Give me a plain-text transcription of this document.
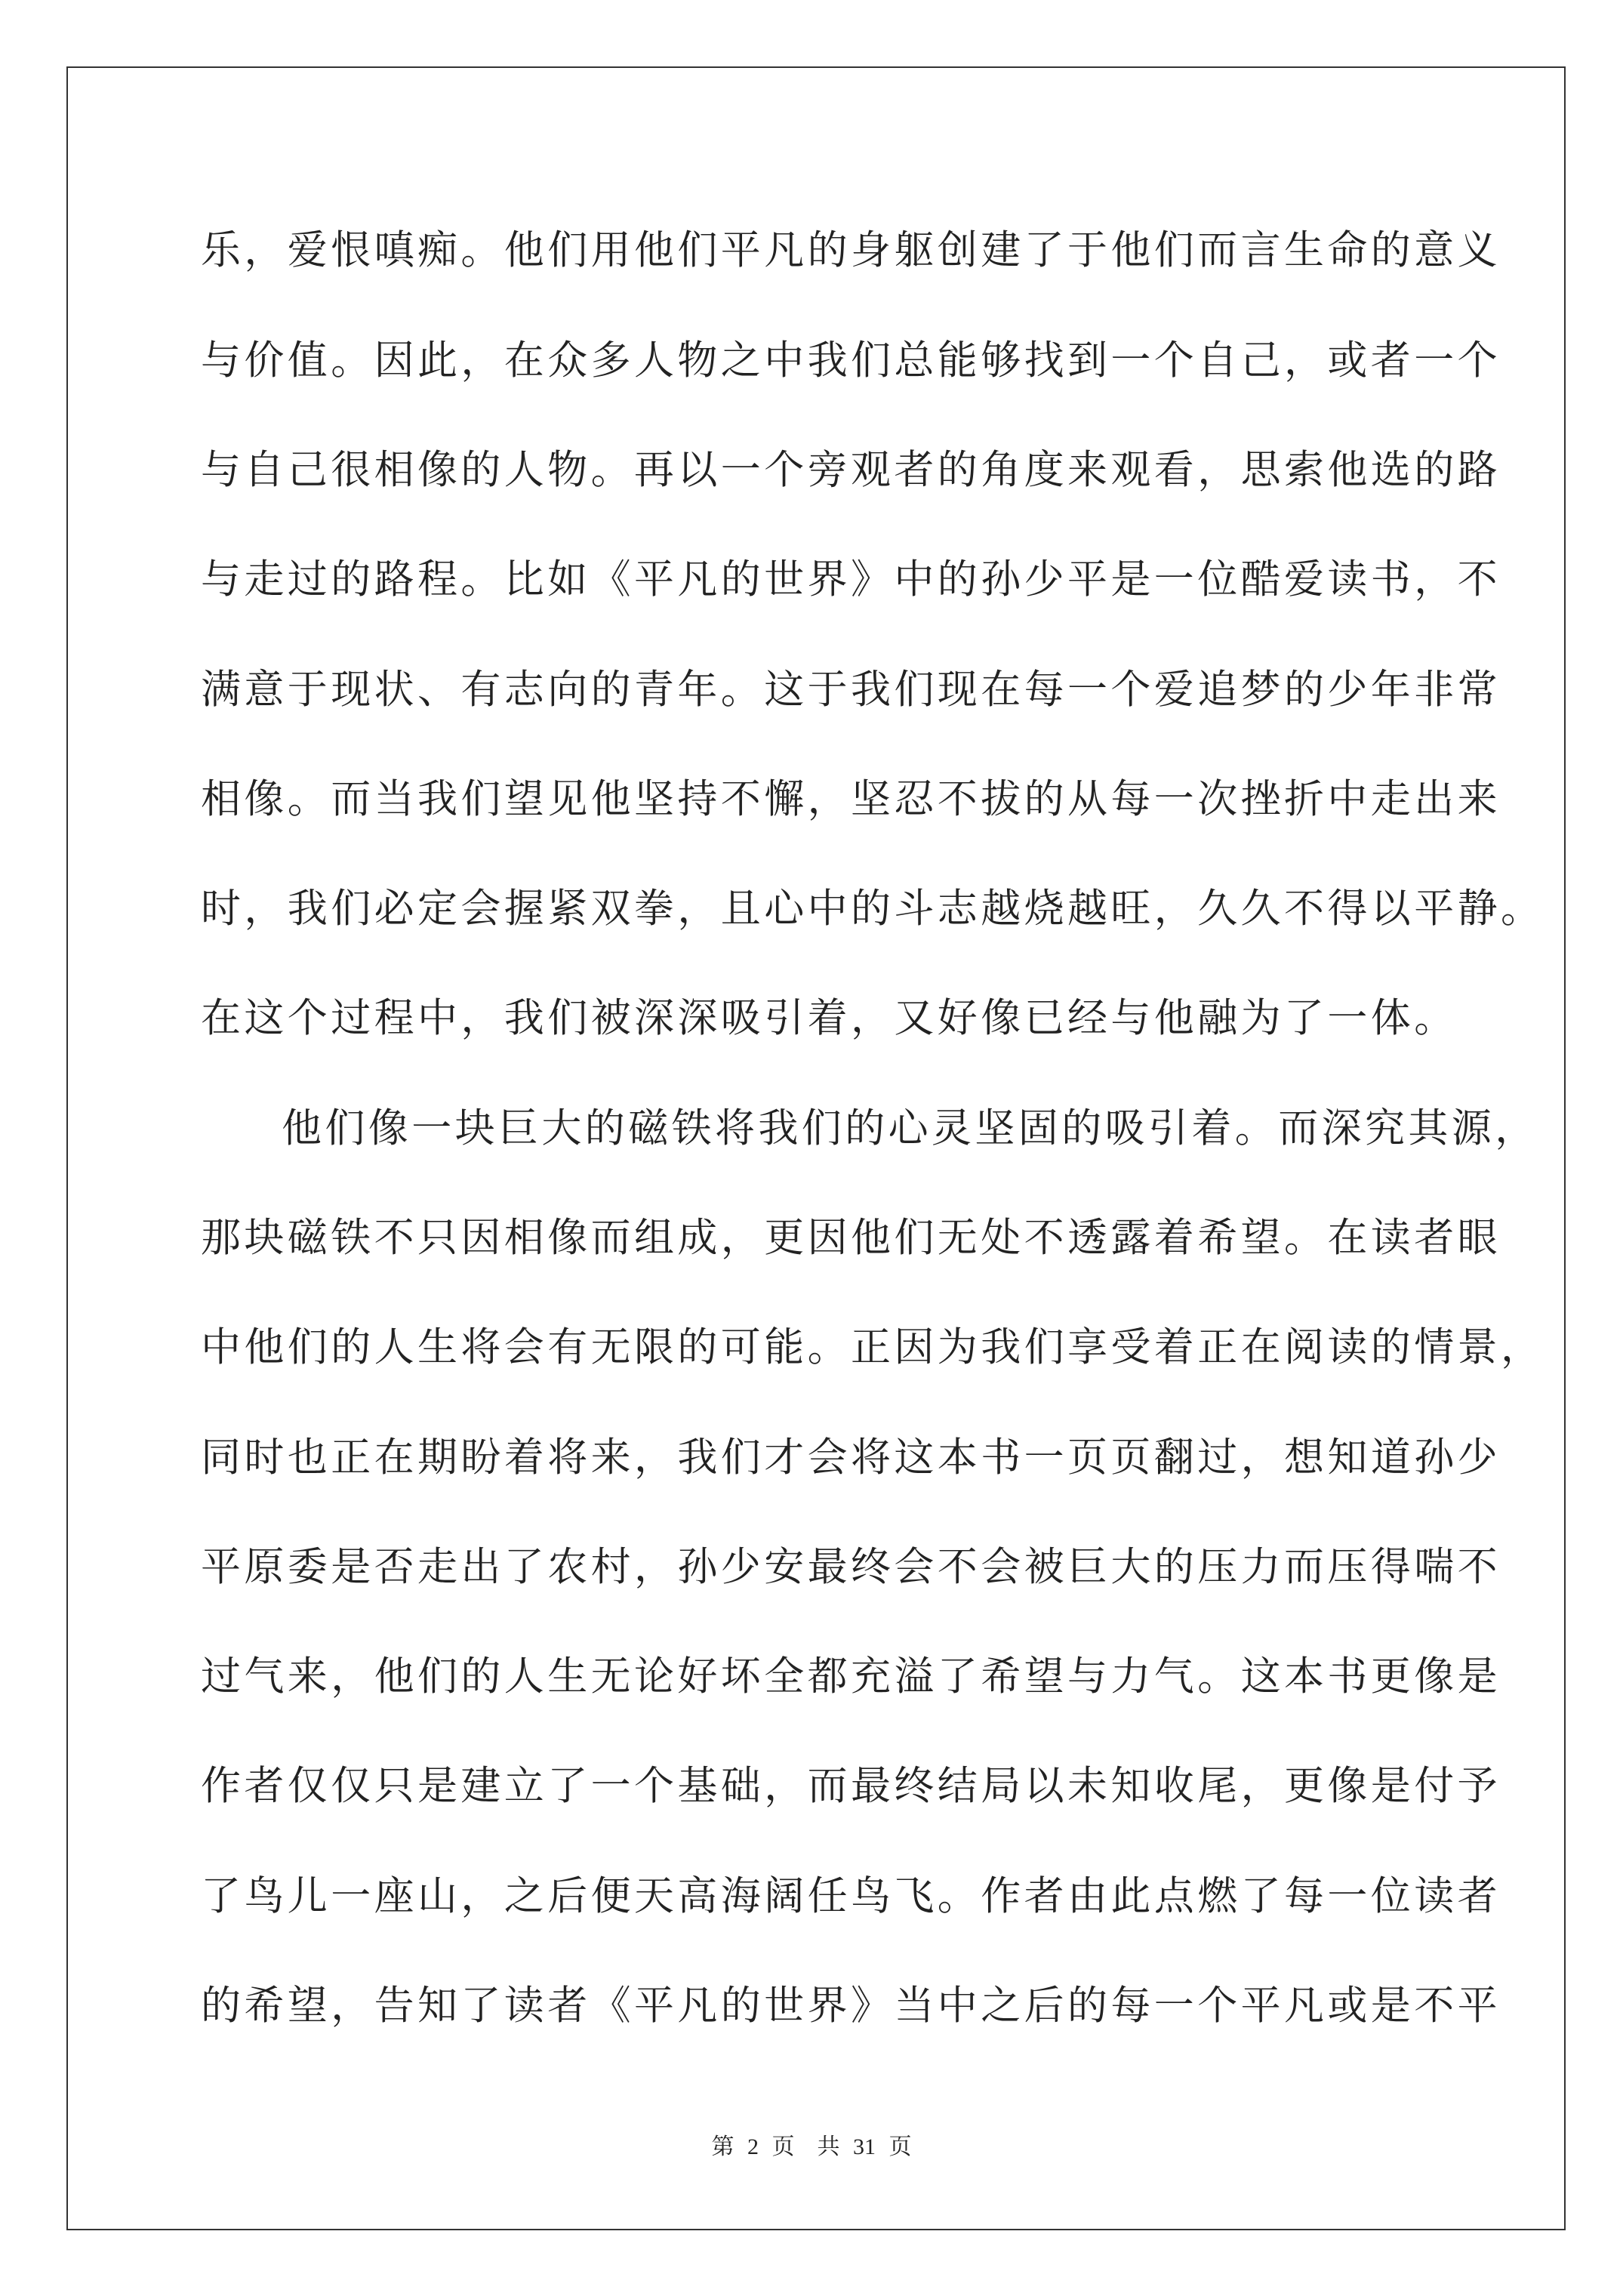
乐，爱恨嗔痴。他们用他们平凡的身躯创建了于他们而言生命的意义
与价值。因此，在众多人物之中我们总能够找到一个自己，或者一个
与自己很相像的人物。再以一个旁观者的角度来观看，思索他选的路
与走过的路程。比如《平凡的世界》中的孙少平是一位酷爱读书，不
满意于现状、有志向的青年。这于我们现在每一个爱追梦的少年非常
相像。而当我们望见他坚持不懈，坚忍不拔的从每一次挫折中走出来
时，我们必定会握紧双拳，且心中的斗志越烧越旺，久久不得以平静。
在这个过程中，我们被深深吸引着，又好像已经与他融为了一体。
他们像一块巨大的磁铁将我们的心灵坚固的吸引着。而深究其源，
那块磁铁不只因相像而组成，更因他们无处不透露着希望。在读者眼
中他们的人生将会有无限的可能。正因为我们享受着正在阅读的情景，
同时也正在期盼着将来，我们才会将这本书一页页翻过，想知道孙少
平原委是否走出了农村，孙少安最终会不会被巨大的压力而压得喘不
过气来，他们的人生无论好坏全都充溢了希望与力气。这本书更像是
作者仅仅只是建立了一个基础，而最终结局以未知收尾，更像是付予
了鸟儿一座山，之后便天高海阔任鸟飞。作者由此点燃了每一位读者
的希望，告知了读者《平凡的世界》当中之后的每一个平凡或是不平
第 2 页　共 31 页
